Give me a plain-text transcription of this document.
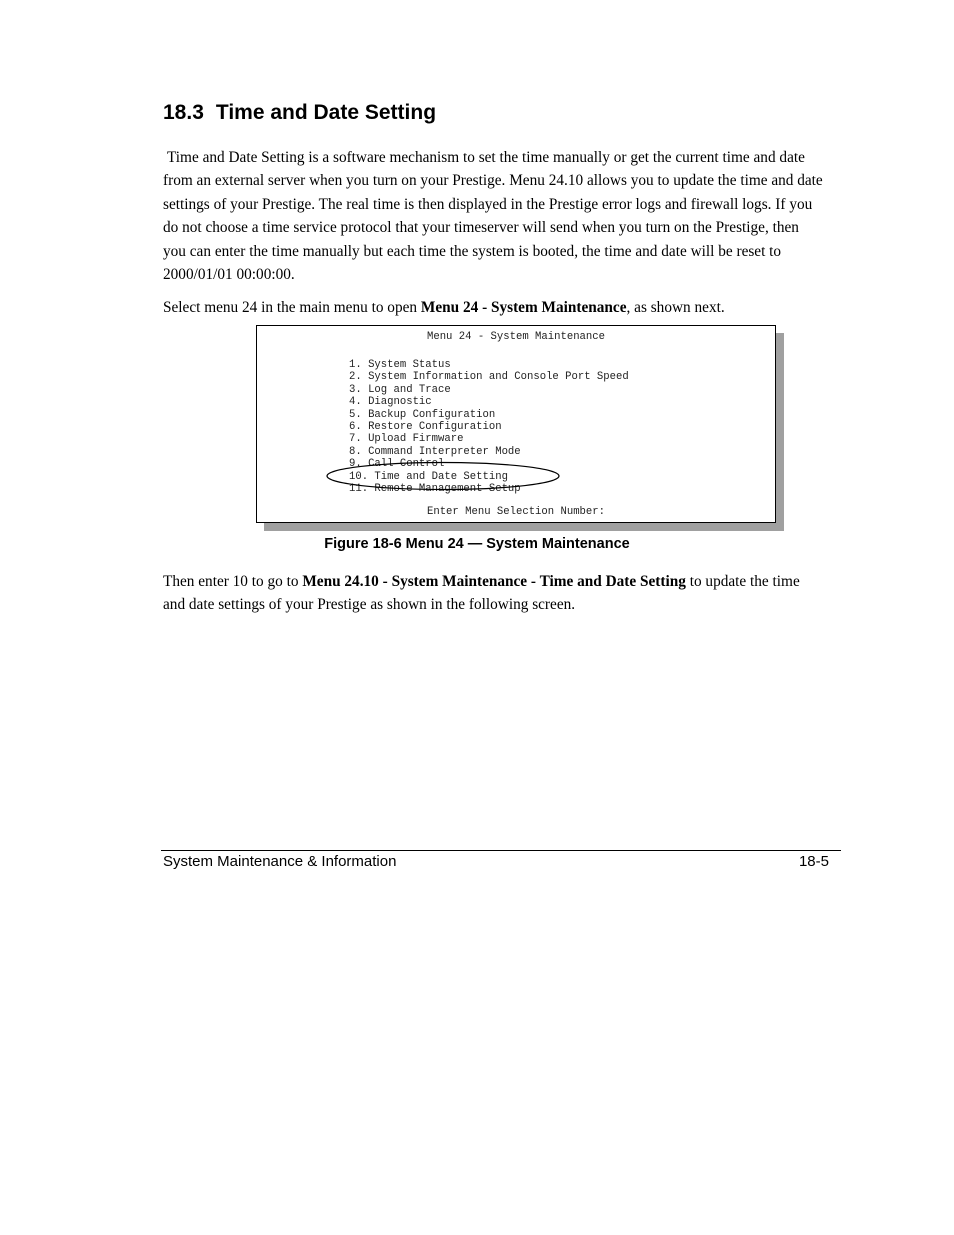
18.3 Time and Date Setting

Time and Date Setting is a software mechanism to set the time manually or get the current time and date
from an external server when you turn on your Prestige. Menu 24.10 allows you to update the time and date
settings of your Prestige. The real time is then displayed in the Prestige error logs and firewall logs. If you
do not choose a time service protocol that your timeserver will send when you turn on the Prestige, then
you can enter the time manually but each time the system is booted, the time and date will be reset to
2000/01/01 00:00:00.

Select menu 24 in the main menu to open Menu 24 - System Maintenance, as shown next.

Menu 24 - System Maintenance
1. System Status
2. System Information and Console Port Speed
3. Log and Trace
4. Diagnostic
5. Backup Configuration
6. Restore Configuration
7. Upload Firmware
8. Command Interpreter Mode
9. Call Control
10. Time and Date Setting
11. Remote Management Setup
Enter Menu Selection Number:

Figure 18-6 Menu 24 — System Maintenance

Then enter 10 to go to Menu 24.10 - System Maintenance - Time and Date Setting to update the time
and date settings of your Prestige as shown in the following screen.

System Maintenance & Information	18-5
